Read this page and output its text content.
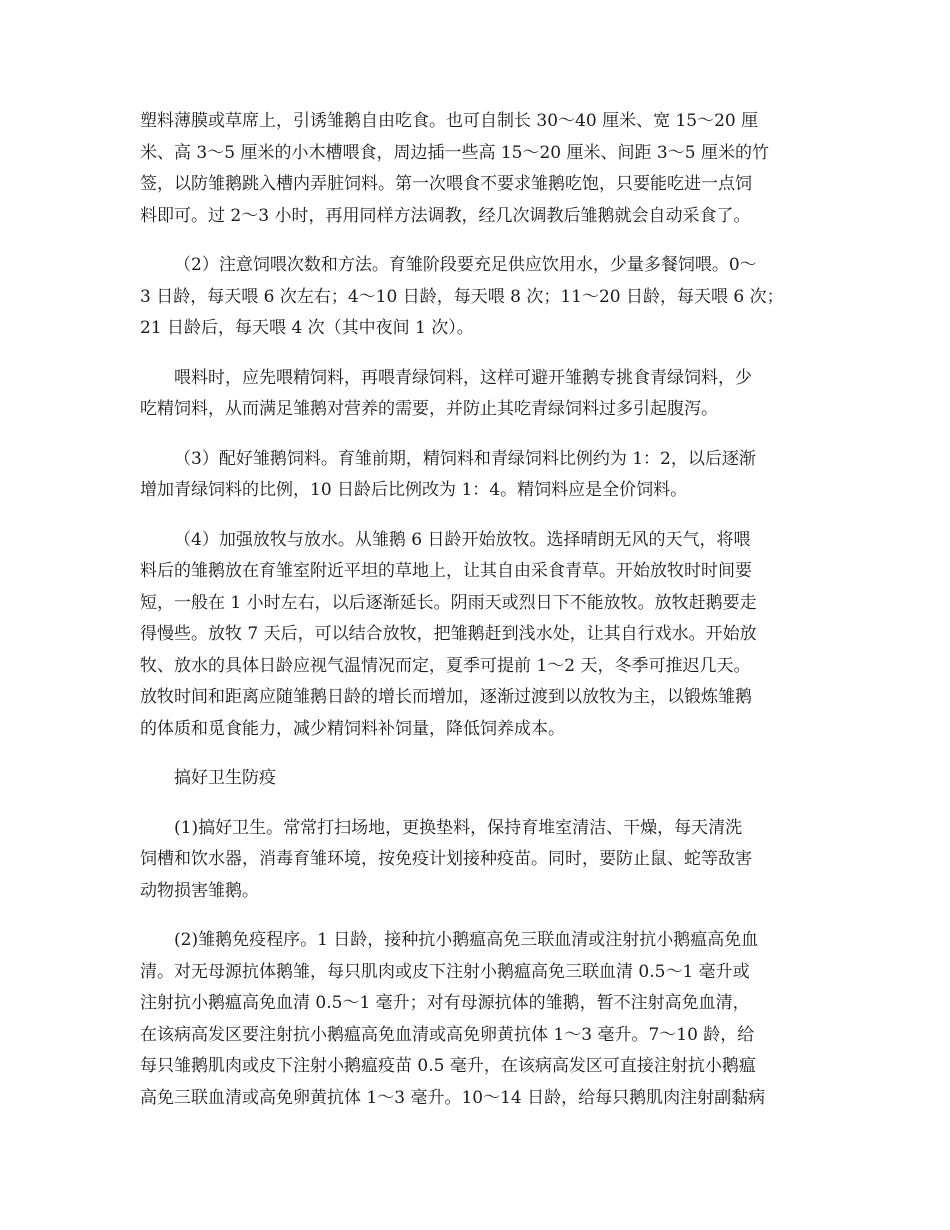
塑料薄膜或草席上，引诱雏鹅自由吃食。也可自制长 30～40 厘米、宽 15～20 厘
米、高 3～5 厘米的小木槽喂食，周边插一些高 15～20 厘米、间距 3～5 厘米的竹
签，以防雏鹅跳入槽内弄脏饲料。第一次喂食不要求雏鹅吃饱，只要能吃进一点饲
料即可。过 2～3 小时，再用同样方法调教，经几次调教后雏鹅就会自动采食了。
（2）注意饲喂次数和方法。育雏阶段要充足供应饮用水，少量多餐饲喂。0～
3 日龄，每天喂 6 次左右；4～10 日龄，每天喂 8 次；11～20 日龄，每天喂 6 次；
21 日龄后，每天喂 4 次（其中夜间 1 次）。
喂料时，应先喂精饲料，再喂青绿饲料，这样可避开雏鹅专挑食青绿饲料，少
吃精饲料，从而满足雏鹅对营养的需要，并防止其吃青绿饲料过多引起腹泻。
（3）配好雏鹅饲料。育雏前期，精饲料和青绿饲料比例约为 1：2，以后逐渐
增加青绿饲料的比例，10 日龄后比例改为 1：4。精饲料应是全价饲料。
（4）加强放牧与放水。从雏鹅 6 日龄开始放牧。选择晴朗无风的天气，将喂
料后的雏鹅放在育雏室附近平坦的草地上，让其自由采食青草。开始放牧时时间要
短，一般在 1 小时左右，以后逐渐延长。阴雨天或烈日下不能放牧。放牧赶鹅要走
得慢些。放牧 7 天后，可以结合放牧，把雏鹅赶到浅水处，让其自行戏水。开始放
牧、放水的具体日龄应视气温情况而定，夏季可提前 1～2 天，冬季可推迟几天。
放牧时间和距离应随雏鹅日龄的增长而增加，逐渐过渡到以放牧为主，以锻炼雏鹅
的体质和觅食能力，减少精饲料补饲量，降低饲养成本。
搞好卫生防疫
(1)搞好卫生。常常打扫场地，更换垫料，保持育堆室清洁、干燥，每天清洗
饲槽和饮水器，消毒育雏环境，按免疫计划接种疫苗。同时，要防止鼠、蛇等敌害
动物损害雏鹅。
(2)雏鹅免疫程序。1 日龄，接种抗小鹅瘟高免三联血清或注射抗小鹅瘟高免血
清。对无母源抗体鹅雏，每只肌肉或皮下注射小鹅瘟高免三联血清 0.5～1 毫升或
注射抗小鹅瘟高免血清 0.5～1 毫升；对有母源抗体的雏鹅，暂不注射高免血清，
在该病高发区要注射抗小鹅瘟高免血清或高免卵黄抗体 1～3 毫升。7～10 龄，给
每只雏鹅肌肉或皮下注射小鹅瘟疫苗 0.5 毫升，在该病高发区可直接注射抗小鹅瘟
高免三联血清或高免卵黄抗体 1～3 毫升。10～14 日龄，给每只鹅肌肉注射副黏病
